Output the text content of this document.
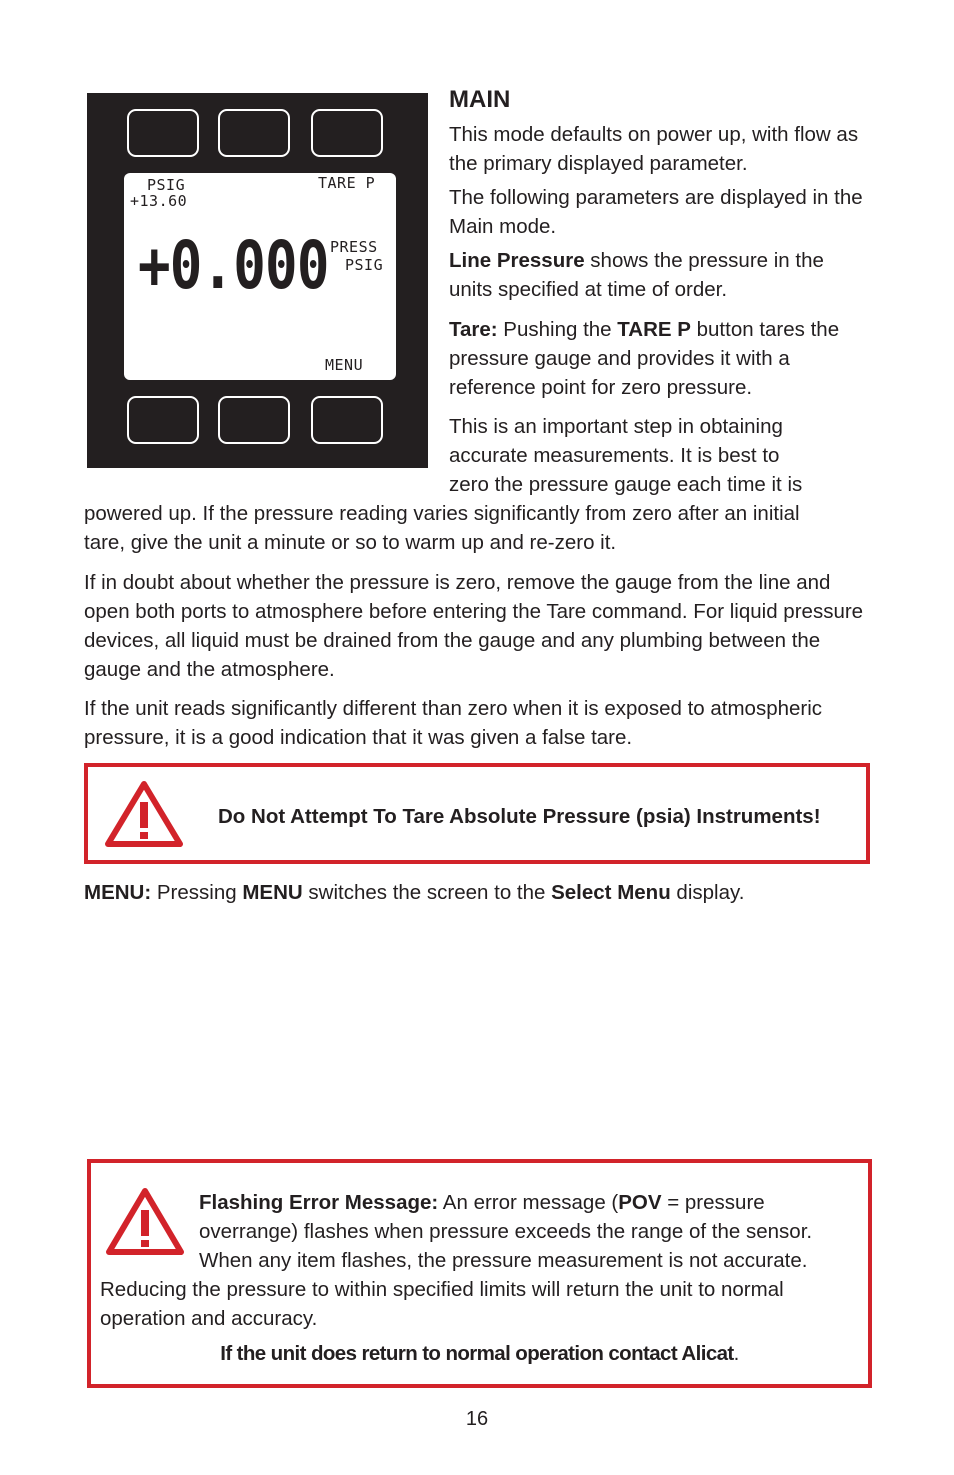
PSIG
+13.60
TARE P
+0.000 PRESS
PSIG
MENU
MAIN

This mode defaults on power up, with flow as the primary displayed parameter.

The following parameters are displayed in the Main mode.

Line Pressure shows the pressure in the units specified at time of order.

Tare: Pushing the TARE P button tares the pressure gauge and provides it with a reference point for zero pressure.

This is an important step in obtaining
accurate measurements. It is best to
zero the pressure gauge each time it is
powered up. If the pressure reading varies significantly from zero after an initial
tare, give the unit a minute or so to warm up and re-zero it.

If in doubt about whether the pressure is zero, remove the gauge from the line and open both ports to atmosphere before entering the Tare command. For liquid pressure devices, all liquid must be drained from the gauge and any plumbing between the gauge and the atmosphere.

If the unit reads significantly different than zero when it is exposed to atmospheric pressure, it is a good indication that it was given a false tare.

Do Not Attempt To Tare Absolute Pressure (psia) Instruments!

MENU: Pressing MENU switches the screen to the Select Menu display.

Flashing Error Message: An error message (POV = pressure
overrange) flashes when pressure exceeds the range of the sensor.
When any item flashes, the pressure measurement is not accurate.
Reducing the pressure to within specified limits will return the unit to normal
operation and accuracy.
If the unit does return to normal operation contact Alicat.
16
